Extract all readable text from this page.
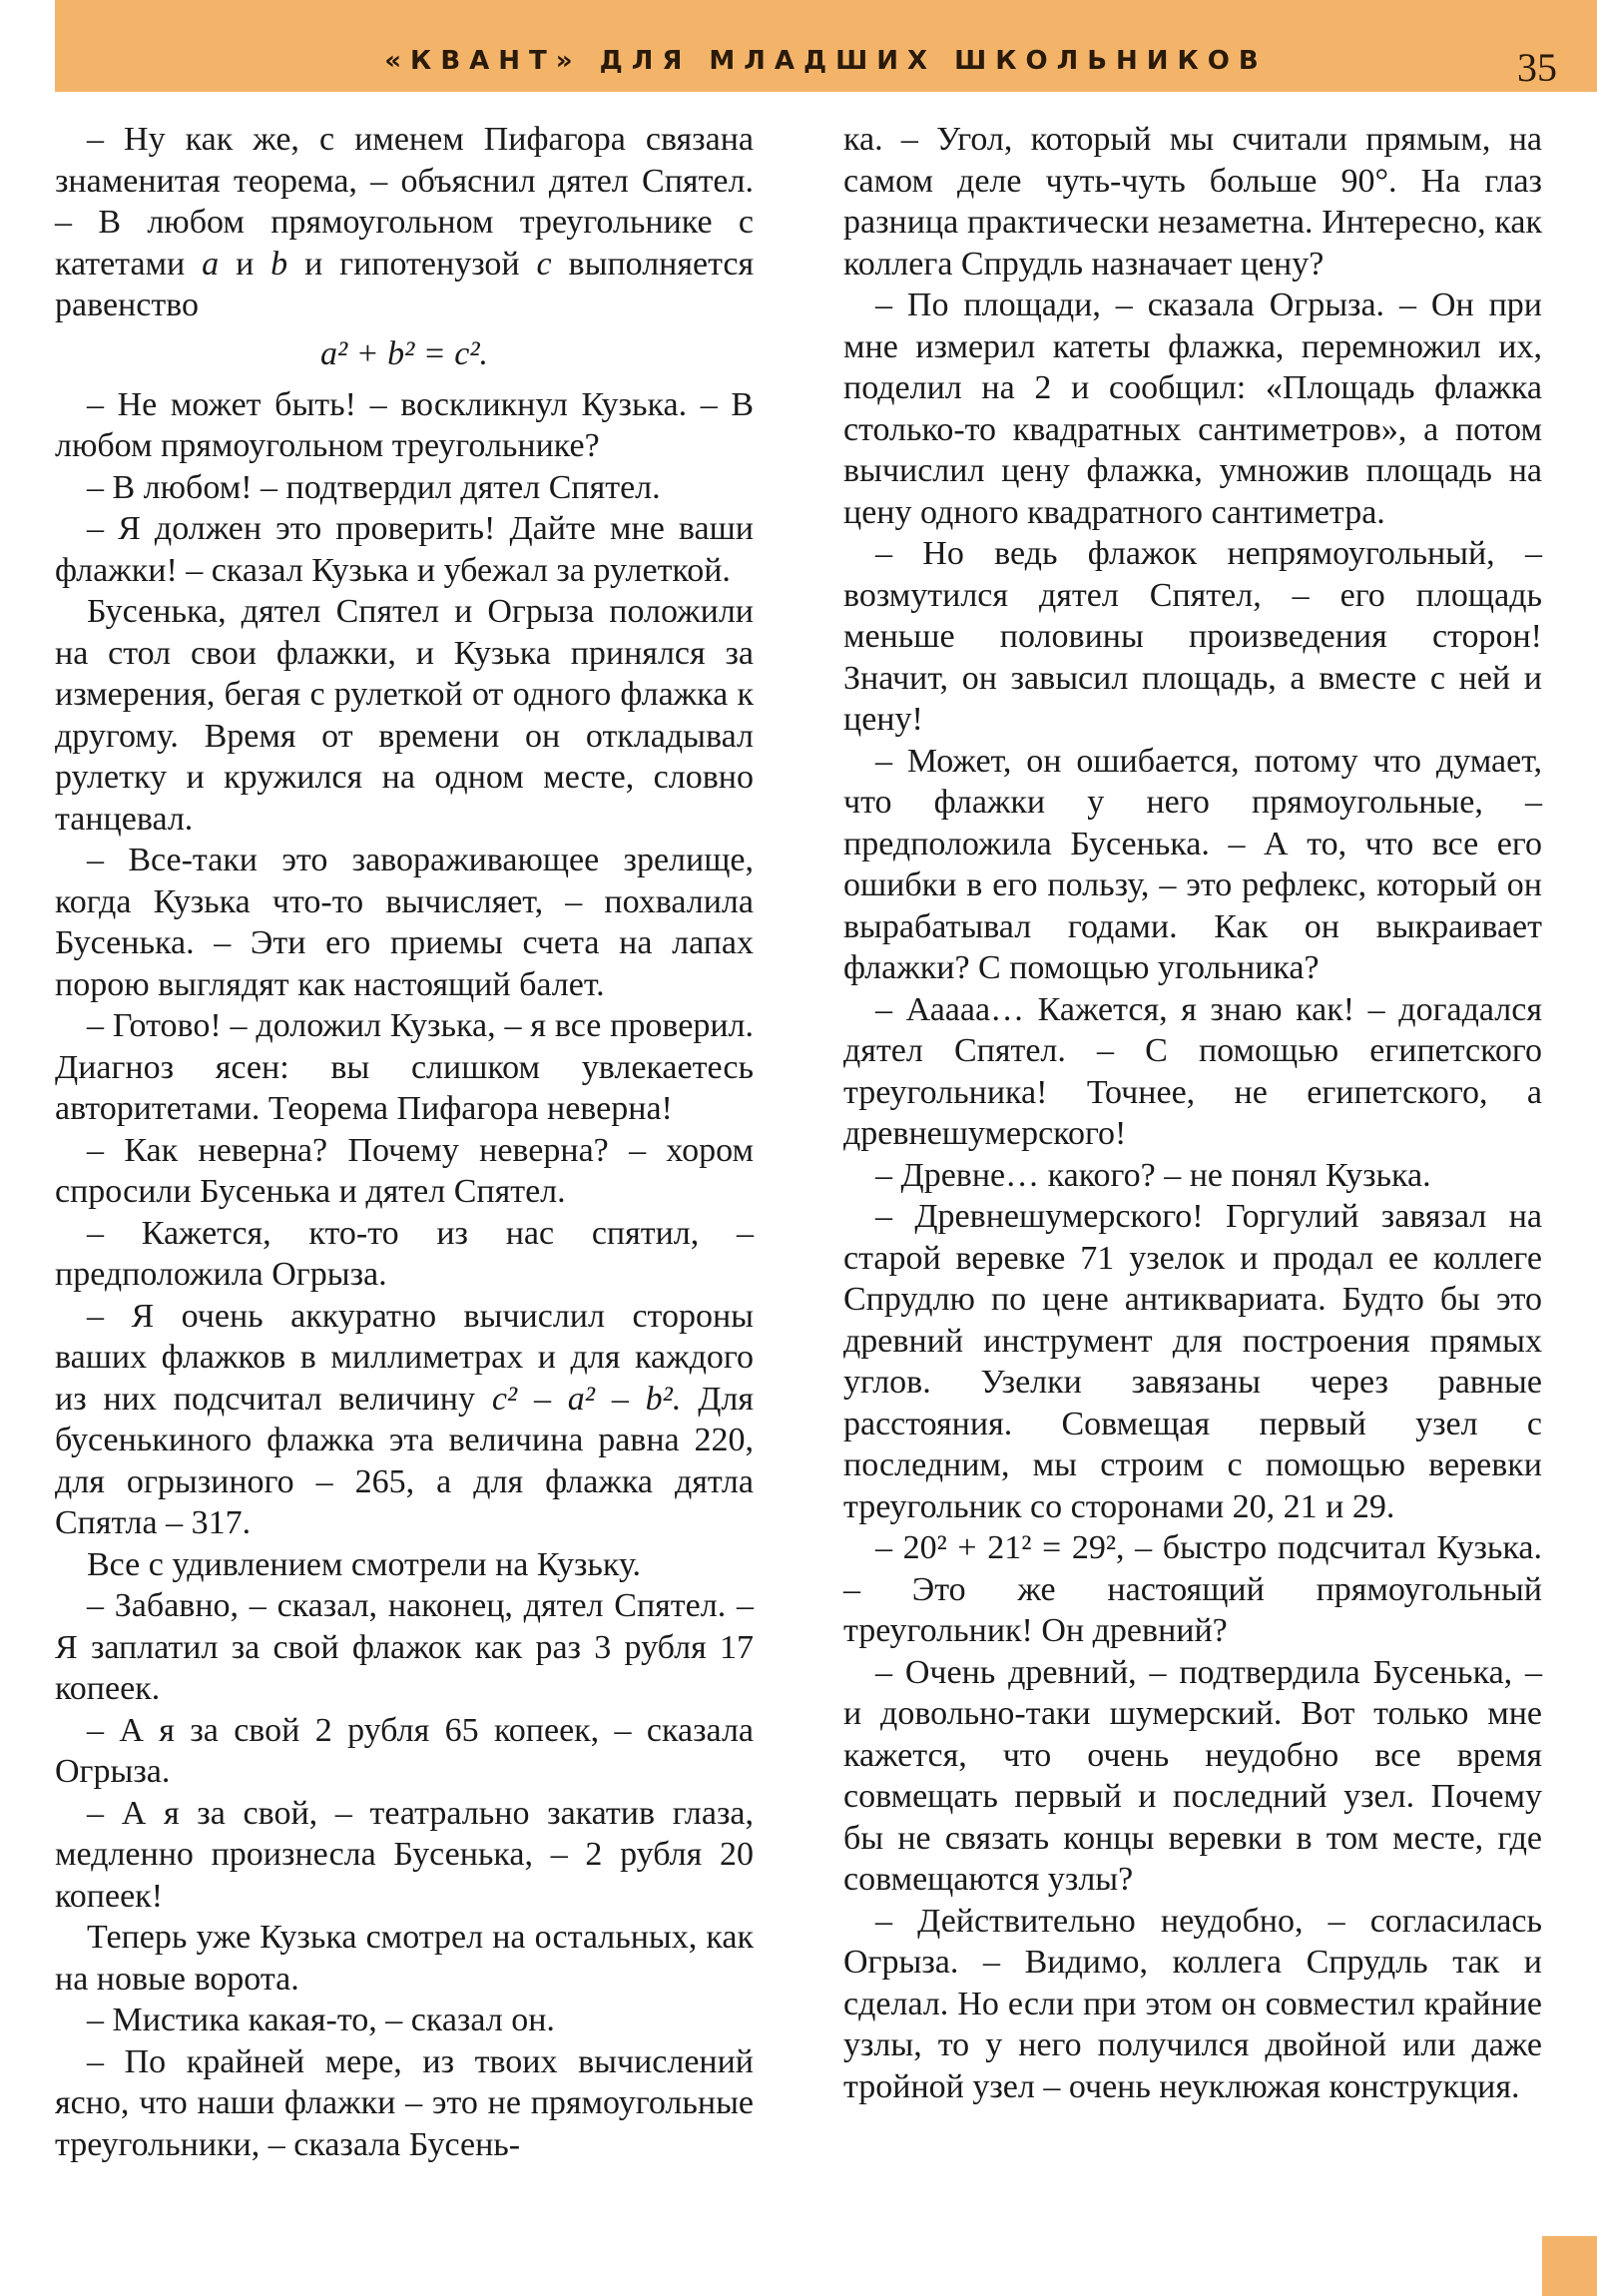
«КВАНТ» ДЛЯ МЛАДШИХ ШКОЛЬНИКОВ	35

– Ну как же, с именем Пифагора связана знаменитая теорема, – объяснил дятел Спятел. – В любом прямоугольном треугольнике с катетами a и b и гипотенузой c выполняется равенство

a² + b² = c².

– Не может быть! – воскликнул Кузька. – В любом прямоугольном треугольнике?

– В любом! – подтвердил дятел Спятел.

– Я должен это проверить! Дайте мне ваши флажки! – сказал Кузька и убежал за рулеткой.

Бусенька, дятел Спятел и Огрыза положили на стол свои флажки, и Кузька принялся за измерения, бегая с рулеткой от одного флажка к другому. Время от времени он откладывал рулетку и кружился на одном месте, словно танцевал.

– Все-таки это завораживающее зрелище, когда Кузька что-то вычисляет, – похвалила Бусенька. – Эти его приемы счета на лапах порою выглядят как настоящий балет.

– Готово! – доложил Кузька, – я все проверил. Диагноз ясен: вы слишком увлекаетесь авторитетами. Теорема Пифагора неверна!

– Как неверна? Почему неверна? – хором спросили Бусенька и дятел Спятел.

– Кажется, кто-то из нас спятил, – предположила Огрыза.

– Я очень аккуратно вычислил стороны ваших флажков в миллиметрах и для каждого из них подсчитал величину c² – a² – b². Для бусенькиного флажка эта величина равна 220, для огрызиного – 265, а для флажка дятла Спятла – 317.

Все с удивлением смотрели на Кузьку.

– Забавно, – сказал, наконец, дятел Спятел. – Я заплатил за свой флажок как раз 3 рубля 17 копеек.

– А я за свой 2 рубля 65 копеек, – сказала Огрыза.

– А я за свой, – театрально закатив глаза, медленно произнесла Бусенька, – 2 рубля 20 копеек!

Теперь уже Кузька смотрел на остальных, как на новые ворота.

– Мистика какая-то, – сказал он.

– По крайней мере, из твоих вычислений ясно, что наши флажки – это не прямоугольные треугольники, – сказала Бусень-

ка. – Угол, который мы считали прямым, на самом деле чуть-чуть больше 90°. На глаз разница практически незаметна. Интересно, как коллега Спрудль назначает цену?

– По площади, – сказала Огрыза. – Он при мне измерил катеты флажка, перемножил их, поделил на 2 и сообщил: «Площадь флажка столько-то квадратных сантиметров», а потом вычислил цену флажка, умножив площадь на цену одного квадратного сантиметра.

– Но ведь флажок непрямоугольный, – возмутился дятел Спятел, – его площадь меньше половины произведения сторон! Значит, он завысил площадь, а вместе с ней и цену!

– Может, он ошибается, потому что думает, что флажки у него прямоугольные, – предположила Бусенька. – А то, что все его ошибки в его пользу, – это рефлекс, который он вырабатывал годами. Как он выкраивает флажки? С помощью угольника?

– Ааааа… Кажется, я знаю как! – догадался дятел Спятел. – С помощью египетского треугольника! Точнее, не египетского, а древнешумерского!

– Древне… какого? – не понял Кузька.

– Древнешумерского! Горгулий завязал на старой веревке 71 узелок и продал ее коллеге Спрудлю по цене антиквариата. Будто бы это древний инструмент для построения прямых углов. Узелки завязаны через равные расстояния. Совмещая первый узел с последним, мы строим с помощью веревки треугольник со сторонами 20, 21 и 29.

– 20² + 21² = 29², – быстро подсчитал Кузька. – Это же настоящий прямоугольный треугольник! Он древний?

– Очень древний, – подтвердила Бусенька, – и довольно-таки шумерский. Вот только мне кажется, что очень неудобно все время совмещать первый и последний узел. Почему бы не связать концы веревки в том месте, где совмещаются узлы?

– Действительно неудобно, – согласилась Огрыза. – Видимо, коллега Спрудль так и сделал. Но если при этом он совместил крайние узлы, то у него получился двойной или даже тройной узел – очень неуклюжая конструкция.
